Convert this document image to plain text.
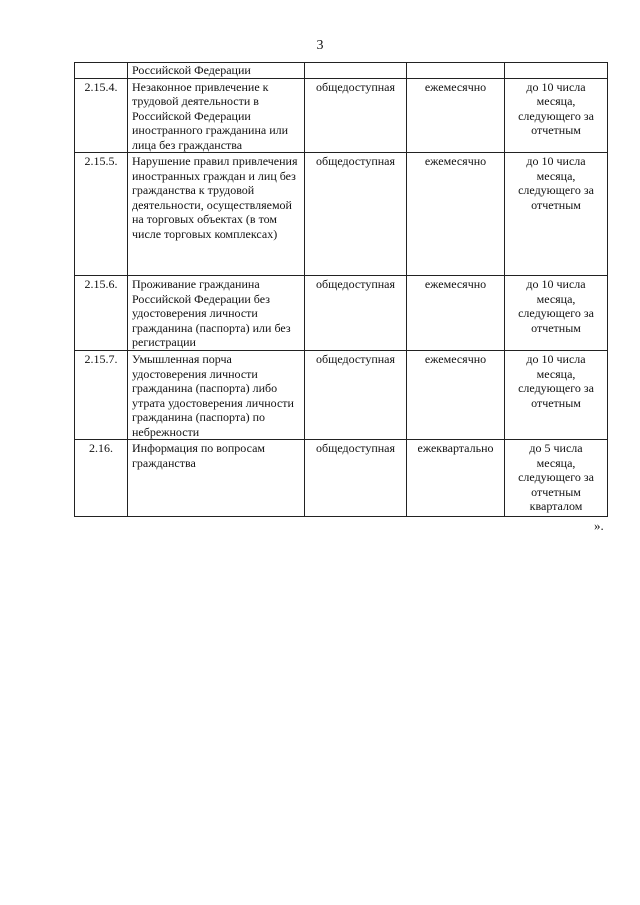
3
	Российской Федерации			
2.15.4.	Незаконное привлечение к трудовой деятельности в Российской Федерации иностранного гражданина или лица без гражданства	общедоступная	ежемесячно	до 10 числа месяца, следующего за отчетным
2.15.5.	Нарушение правил привлечения иностранных граждан и лиц без гражданства к трудовой деятельности, осуществляемой на торговых объектах (в том числе торговых комплексах)	общедоступная	ежемесячно	до 10 числа месяца, следующего за отчетным
2.15.6.	Проживание гражданина Российской Федерации без удостоверения личности гражданина (паспорта) или без регистрации	общедоступная	ежемесячно	до 10 числа месяца, следующего за отчетным
2.15.7.	Умышленная порча удостоверения личности гражданина (паспорта) либо утрата удостоверения личности гражданина (паспорта) по небрежности	общедоступная	ежемесячно	до 10 числа месяца, следующего за отчетным
2.16.	Информация по вопросам гражданства	общедоступная	ежеквартально	до 5 числа месяца, следующего за отчетным кварталом
».
